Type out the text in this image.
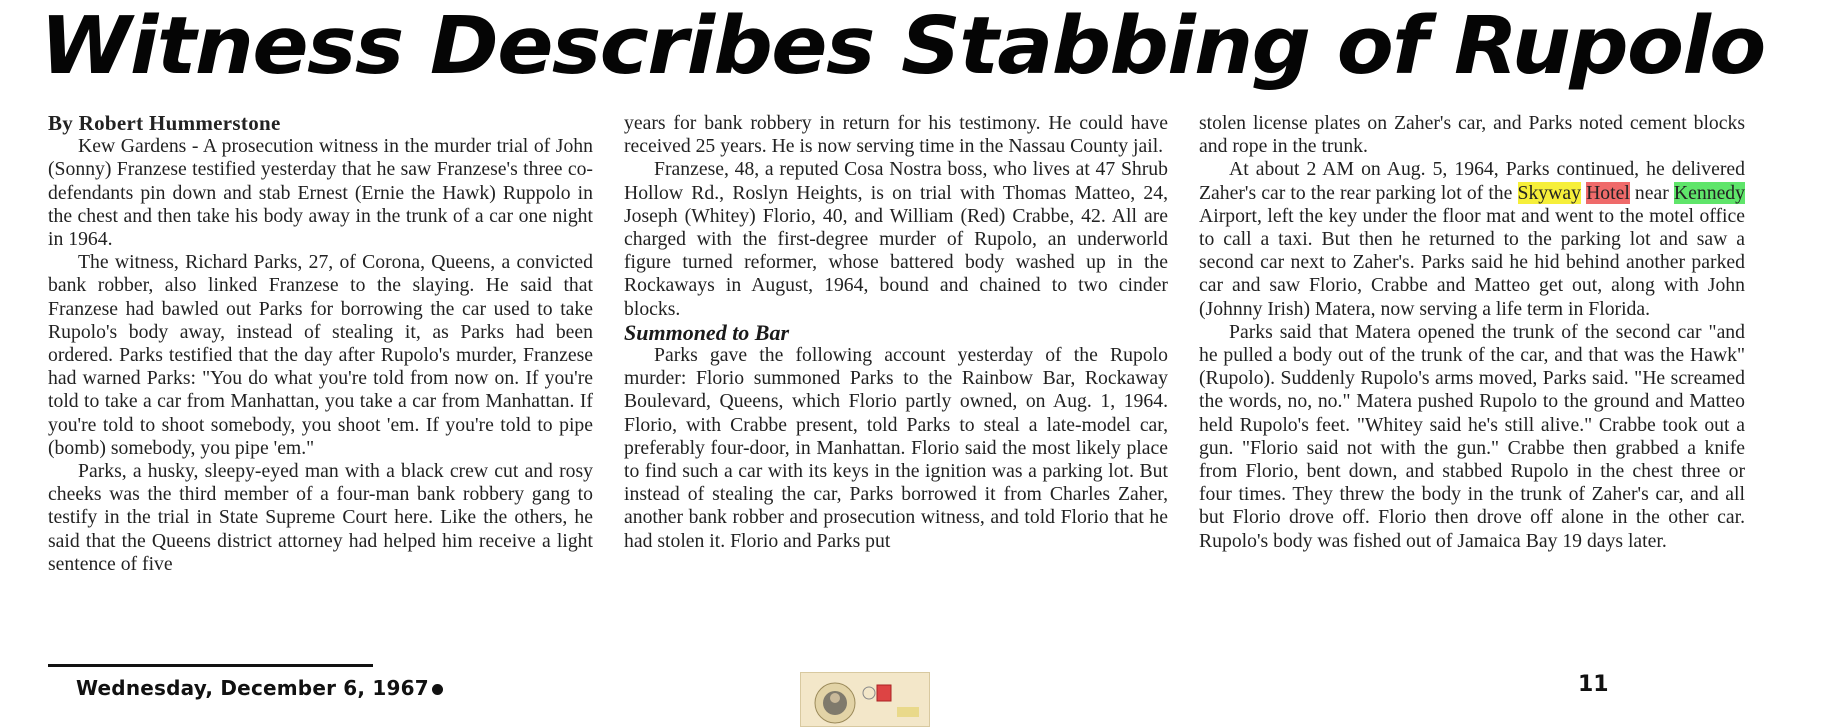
Witness Describes Stabbing of Rupolo

By Robert Hummerstone

Kew Gardens - A prosecution witness in the murder trial of John (Sonny) Franzese testified yesterday that he saw Franzese's three co-defendants pin down and stab Ernest (Ernie the Hawk) Ruppolo in the chest and then take his body away in the trunk of a car one night in 1964.

The witness, Richard Parks, 27, of Corona, Queens, a convicted bank robber, also linked Franzese to the slaying. He said that Franzese had bawled out Parks for borrowing the car used to take Rupolo's body away, instead of stealing it, as Parks had been ordered. Parks testified that the day after Rupolo's murder, Franzese had warned Parks: "You do what you're told from now on. If you're told to take a car from Manhattan, you take a car from Manhattan. If you're told to shoot somebody, you shoot 'em. If you're told to pipe (bomb) somebody, you pipe 'em."

Parks, a husky, sleepy-eyed man with a black crew cut and rosy cheeks was the third member of a four-man bank robbery gang to testify in the trial in State Supreme Court here. Like the others, he said that the Queens district attorney had helped him receive a light sentence of five

years for bank robbery in return for his testimony. He could have received 25 years. He is now serving time in the Nassau County jail.

Franzese, 48, a reputed Cosa Nostra boss, who lives at 47 Shrub Hollow Rd., Roslyn Heights, is on trial with Thomas Matteo, 24, Joseph (Whitey) Florio, 40, and William (Red) Crabbe, 42. All are charged with the first-degree murder of Rupolo, an underworld figure turned reformer, whose battered body washed up in the Rockaways in August, 1964, bound and chained to two cinder blocks.

Summoned to Bar

Parks gave the following account yesterday of the Rupolo murder: Florio summoned Parks to the Rainbow Bar, Rockaway Boulevard, Queens, which Florio partly owned, on Aug. 1, 1964. Florio, with Crabbe present, told Parks to steal a late-model car, preferably four-door, in Manhattan. Florio said the most likely place to find such a car with its keys in the ignition was a parking lot. But instead of stealing the car, Parks borrowed it from Charles Zaher, another bank robber and prosecution witness, and told Florio that he had stolen it. Florio and Parks put

stolen license plates on Zaher's car, and Parks noted cement blocks and rope in the trunk.

At about 2 AM on Aug. 5, 1964, Parks continued, he delivered Zaher's car to the rear parking lot of the Skyway Hotel near Kennedy Airport, left the key under the floor mat and went to the motel office to call a taxi. But then he returned to the parking lot and saw a second car next to Zaher's. Parks said he hid behind another parked car and saw Florio, Crabbe and Matteo get out, along with John (Johnny Irish) Matera, now serving a life term in Florida.

Parks said that Matera opened the trunk of the second car "and he pulled a body out of the trunk of the car, and that was the Hawk" (Rupolo). Suddenly Rupolo's arms moved, Parks said. "He screamed the words, no, no." Matera pushed Rupolo to the ground and Matteo held Rupolo's feet. "Whitey said he's still alive." Crabbe took out a gun. "Florio said not with the gun." Crabbe then grabbed a knife from Florio, bent down, and stabbed Rupolo in the chest three or four times. They threw the body in the trunk of Zaher's car, and all but Florio drove off. Florio then drove off alone in the other car. Rupolo's body was fished out of Jamaica Bay 19 days later.

Wednesday, December 6, 1967	11
